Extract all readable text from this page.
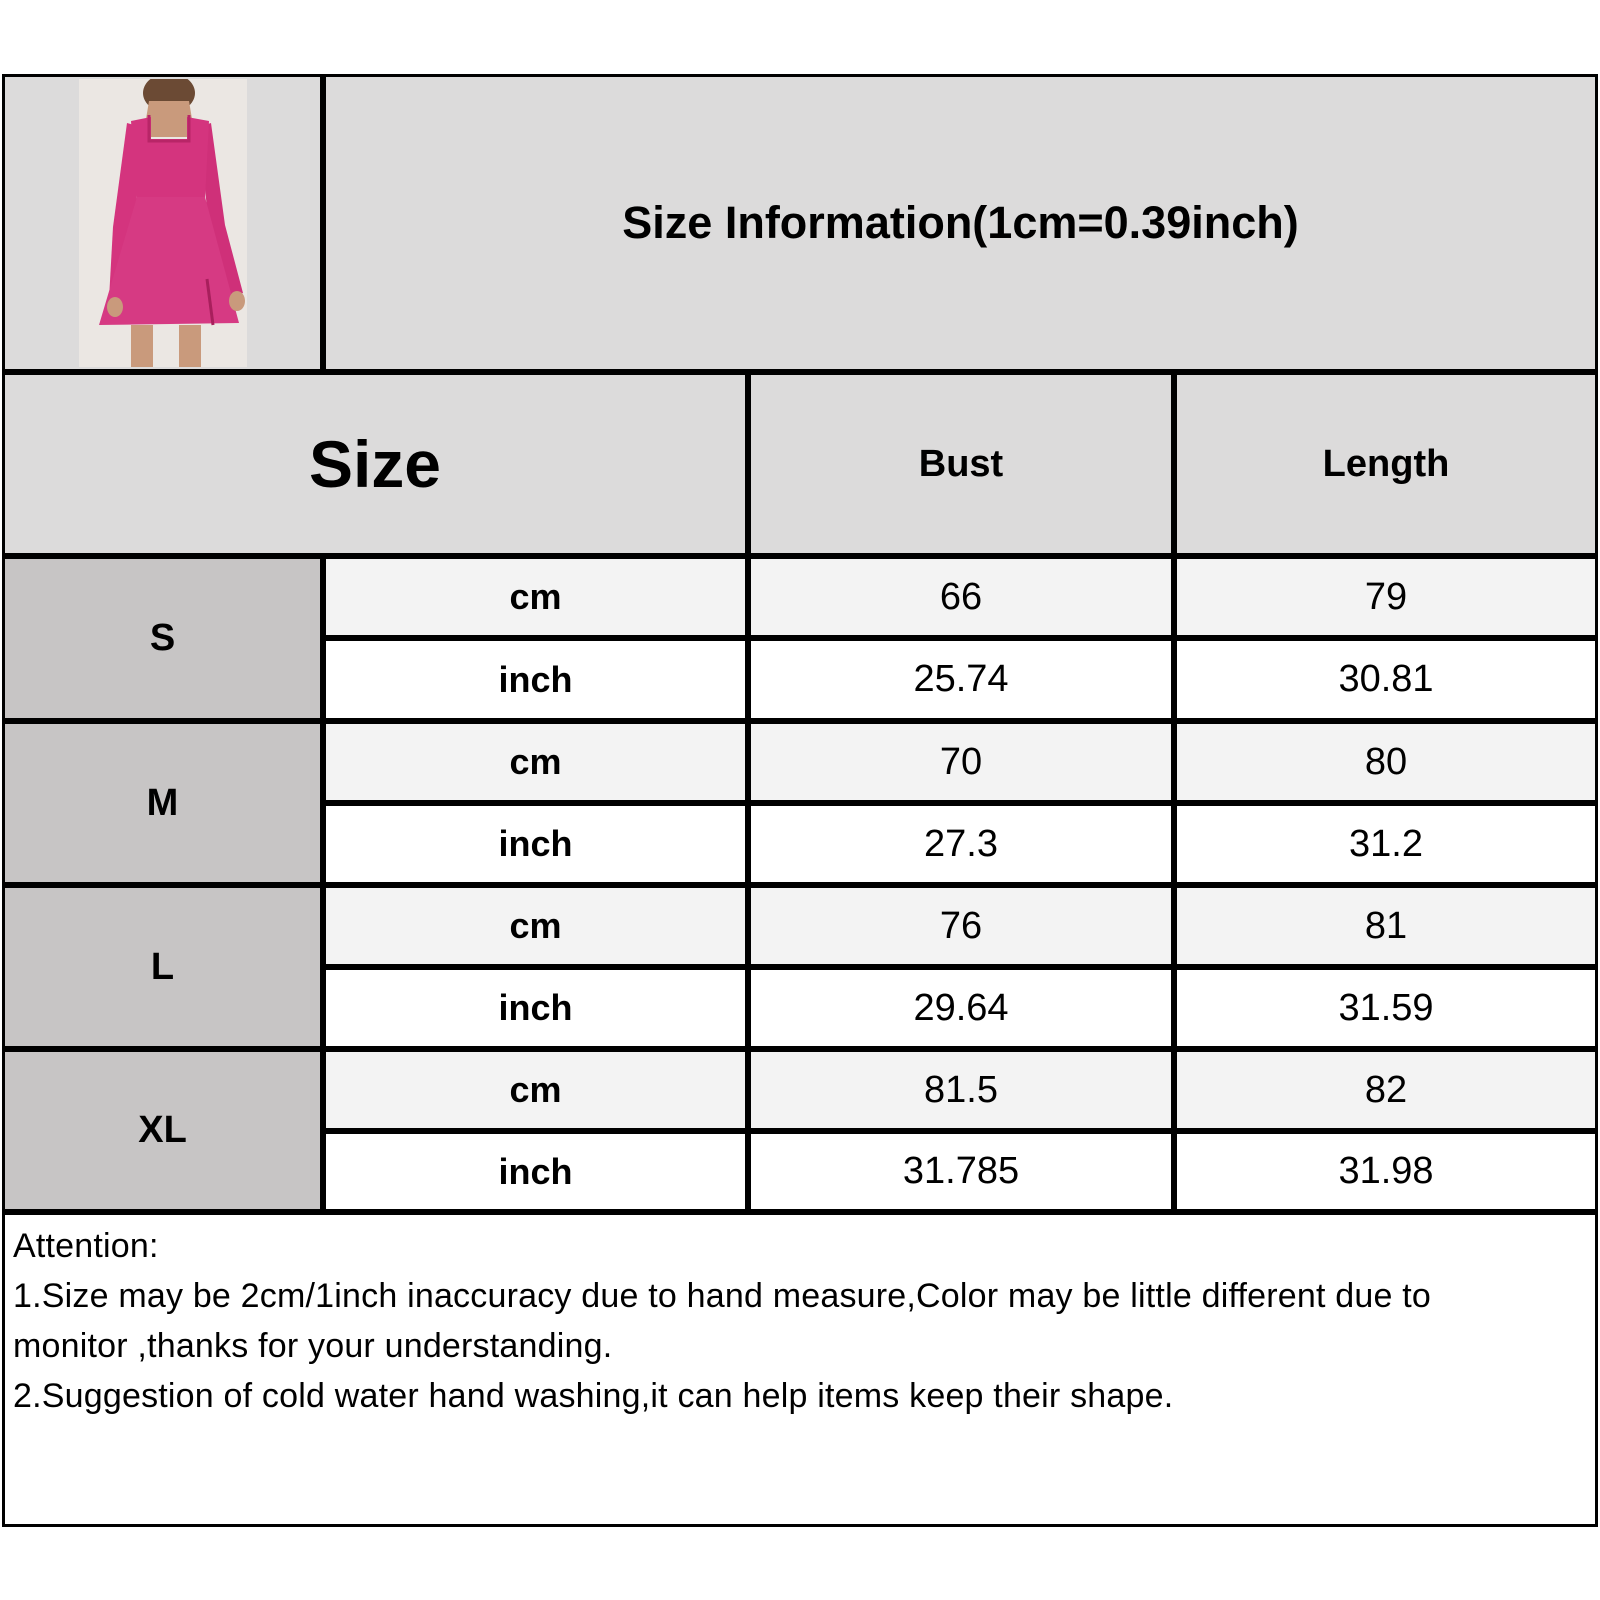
Size Information(1cm=0.39inch)
Size	Bust	Length
S
cm	66	79
inch	25.74	30.81
M
cm	70	80
inch	27.3	31.2
L
cm	76	81
inch	29.64	31.59
XL
cm	81.5	82
inch	31.785	31.98
Attention:
1.Size may be 2cm/1inch inaccuracy due to hand measure,Color may be little different due to
monitor ,thanks for your understanding.
2.Suggestion of cold water hand washing,it can help items keep their shape.
